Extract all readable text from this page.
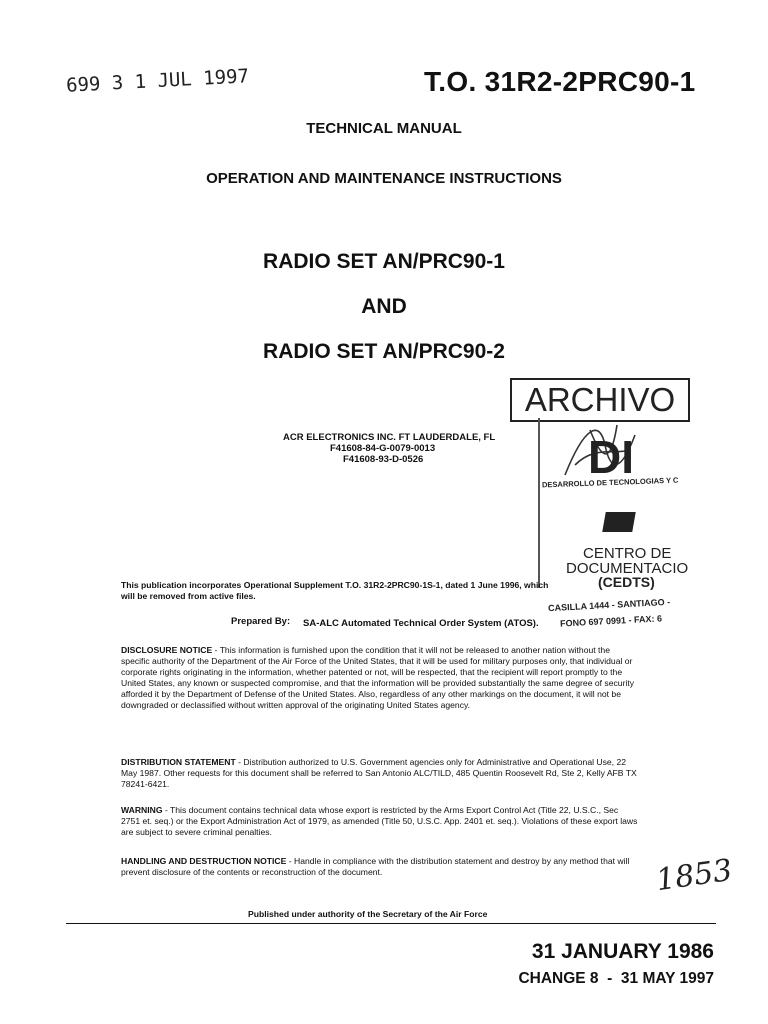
699 3 1 JUL 1997	T.O. 31R2-2PRC90-1
TECHNICAL MANUAL
OPERATION AND MAINTENANCE INSTRUCTIONS
RADIO SET AN/PRC90-1
AND
RADIO SET AN/PRC90-2
ACR ELECTRONICS INC. FT LAUDERDALE, FL
F41608-84-G-0079-0013
F41608-93-D-0526
ARCHIVO
DI
DESARROLLO DE TECNOLOGIAS Y C
CENTRO DE
DOCUMENTACIO
(CEDTS)
CASILLA 1444 - SANTIAGO -
FONO 697 0991 - FAX: 6
This publication incorporates Operational Supplement T.O. 31R2-2PRC90-1S-1, dated 1 June 1996, which will be removed from active files.
Prepared By: SA-ALC Automated Technical Order System (ATOS).
DISCLOSURE NOTICE - This information is furnished upon the condition that it will not be released to another nation without the specific authority of the Department of the Air Force of the United States, that it will be used for military purposes only, that individual or corporate rights originating in the information, whether patented or not, will be respected, that the recipient will report promptly to the United States, any known or suspected compromise, and that the information will be provided substantially the same degree of security afforded it by the Department of Defense of the United States. Also, regardless of any other markings on the document, it will not be downgraded or declassified without written approval of the originating United States agency.
DISTRIBUTION STATEMENT - Distribution authorized to U.S. Government agencies only for Administrative and Operational Use, 22 May 1987. Other requests for this document shall be referred to San Antonio ALC/TILD, 485 Quentin Roosevelt Rd, Ste 2, Kelly AFB TX 78241-6421.
WARNING - This document contains technical data whose export is restricted by the Arms Export Control Act (Title 22, U.S.C., Sec 2751 et. seq.) or the Export Administration Act of 1979, as amended (Title 50, U.S.C. App. 2401 et. seq.). Violations of these export laws are subject to severe criminal penalties.
HANDLING AND DESTRUCTION NOTICE - Handle in compliance with the distribution statement and destroy by any method that will prevent disclosure of the contents or reconstruction of the document.	1853
Published under authority of the Secretary of the Air Force
31 JANUARY 1986
CHANGE 8  -  31 MAY 1997
